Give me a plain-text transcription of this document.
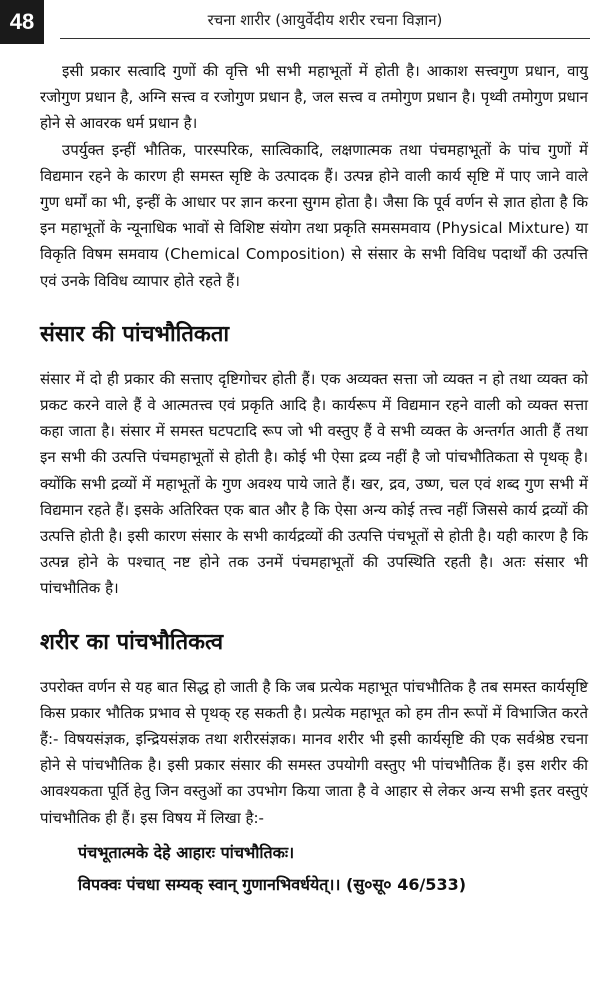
48	रचना शारीर (आयुर्वेदीय शरीर रचना विज्ञान)

इसी प्रकार सत्वादि गुणों की वृत्ति भी सभी महाभूतों में होती है। आकाश सत्त्वगुण प्रधान, वायु रजोगुण प्रधान है, अग्नि सत्त्व व रजोगुण प्रधान है, जल सत्त्व व तमोगुण प्रधान है। पृथ्वी तमोगुण प्रधान होने से आवरक धर्म प्रधान है।

उपर्युक्त इन्हीं भौतिक, पारस्परिक, सात्विकादि, लक्षणात्मक तथा पंचमहाभूतों के पांच गुणों में विद्यमान रहने के कारण ही समस्त सृष्टि के उत्पादक हैं। उत्पन्न होने वाली कार्य सृष्टि में पाए जाने वाले गुण धर्मों का भी, इन्हीं के आधार पर ज्ञान करना सुगम होता है। जैसा कि पूर्व वर्णन से ज्ञात होता है कि इन महाभूतों के न्यूनाधिक भावों से विशिष्ट संयोग तथा प्रकृति समसमवाय (Physical Mixture) या विकृति विषम समवाय (Chemical Composition) से संसार के सभी विविध पदार्थों की उत्पत्ति एवं उनके विविध व्यापार होते रहते हैं।

संसार की पांचभौतिकता

संसार में दो ही प्रकार की सत्ताए दृष्टिगोचर होती हैं। एक अव्यक्त सत्ता जो व्यक्त न हो तथा व्यक्त को प्रकट करने वाले हैं वे आत्मतत्त्व एवं प्रकृति आदि है। कार्यरूप में विद्यमान रहने वाली को व्यक्त सत्ता कहा जाता है। संसार में समस्त घटपटादि रूप जो भी वस्तुए हैं वे सभी व्यक्त के अन्तर्गत आती हैं तथा इन सभी की उत्पत्ति पंचमहाभूतों से होती है। कोई भी ऐसा द्रव्य नहीं है जो पांचभौतिकता से पृथक् है। क्योंकि सभी द्रव्यों में महाभूतों के गुण अवश्य पाये जाते हैं। खर, द्रव, उष्ण, चल एवं शब्द गुण सभी में विद्यमान रहते हैं। इसके अतिरिक्त एक बात और है कि ऐसा अन्य कोई तत्त्व नहीं जिससे कार्य द्रव्यों की उत्पत्ति होती है। इसी कारण संसार के सभी कार्यद्रव्यों की उत्पत्ति पंचभूतों से होती है। यही कारण है कि उत्पन्न होने के पश्चात् नष्ट होने तक उनमें पंचमहाभूतों की उपस्थिति रहती है। अतः संसार भी पांचभौतिक है।

शरीर का पांचभौतिकत्व

उपरोक्त वर्णन से यह बात सिद्ध हो जाती है कि जब प्रत्येक महाभूत पांचभौतिक है तब समस्त कार्यसृष्टि किस प्रकार भौतिक प्रभाव से पृथक् रह सकती है। प्रत्येक महाभूत को हम तीन रूपों में विभाजित करते हैं:- विषयसंज्ञक, इन्द्रियसंज्ञक तथा शरीरसंज्ञक। मानव शरीर भी इसी कार्यसृष्टि की एक सर्वश्रेष्ठ रचना होने से पांचभौतिक है। इसी प्रकार संसार की समस्त उपयोगी वस्तुए भी पांचभौतिक हैं। इस शरीर की आवश्यकता पूर्ति हेतु जिन वस्तुओं का उपभोग किया जाता है वे आहार से लेकर अन्य सभी इतर वस्तुएं पांचभौतिक ही हैं। इस विषय में लिखा है:-

पंचभूतात्मके देहे आहारः पांचभौतिकः।
विपक्वः पंचधा सम्यक् स्वान् गुणानभिवर्धयेत्।। (सु०सू० 46/533)
